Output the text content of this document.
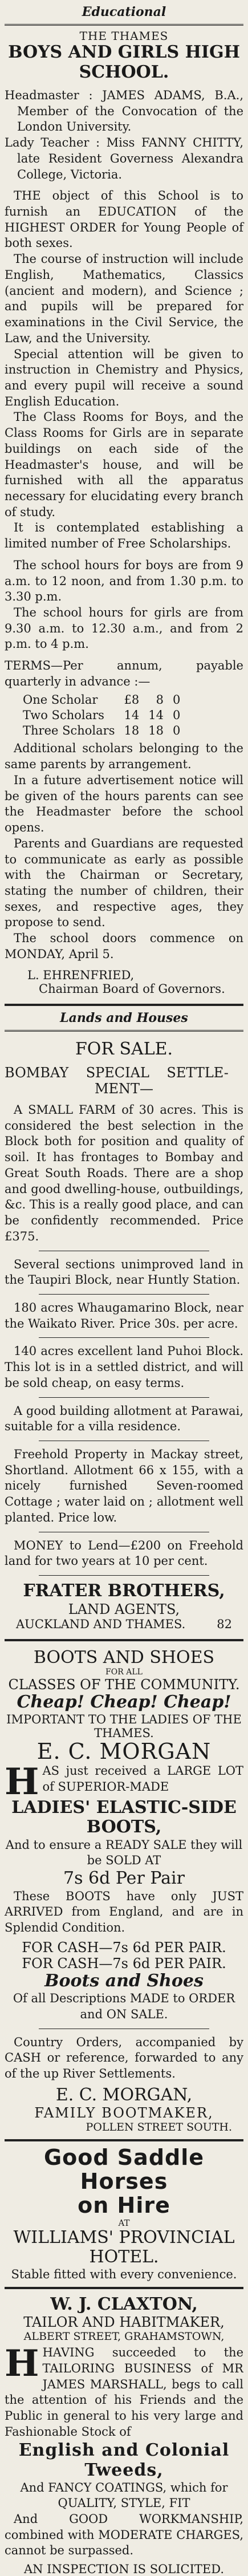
Educational
THE THAMES
BOYS AND GIRLS HIGH SCHOOL.

Headmaster : JAMES ADAMS, B.A., Member of the Convocation of the London University.

Lady Teacher : Miss FANNY CHITTY, late Resident Governess Alexandra College, Victoria.

THE object of this School is to furnish an EDUCATION of the HIGHEST ORDER for Young People of both sexes.

The course of instruction will include English, Mathematics, Classics (ancient and modern), and Science ; and pupils will be prepared for examinations in the Civil Service, the Law, and the University.

Special attention will be given to instruction in Chemistry and Physics, and every pupil will receive a sound English Education.

The Class Rooms for Boys, and the Class Rooms for Girls are in separate buildings on each side of the Headmaster's house, and will be furnished with all the apparatus necessary for elucidating every branch of study.

It is contemplated establishing a limited number of Free Scholarships.

The school hours for boys are from 9 a.m. to 12 noon, and from 1.30 p.m. to 3.30 p.m.

The school hours for girls are from 9.30 a.m. to 12.30 a.m., and from 2 p.m. to 4 p.m.

TERMS—Per annum, payable quarterly in advance :—

One Scholar	£8	8	0
Two Scholars	14	14	0
Three Scholars	18	18	0

Additional scholars belonging to the same parents by arrangement.

In a future advertisement notice will be given of the hours parents can see the Headmaster before the school opens.

Parents and Guardians are requested to communicate as early as possible with the Chairman or Secretary, stating the number of children, their sexes, and respective ages, they propose to send.

The school doors commence on MONDAY, April 5.

L. EHRENFRIED,
Chairman Board of Governors.
Lands and Houses
FOR SALE.
BOMBAY    SPECIAL    SETTLE-
MENT—

A SMALL FARM of 30 acres. This is considered the best selection in the Block both for position and quality of soil. It has frontages to Bombay and Great South Roads. There are a shop and good dwelling-house, outbuildings, &c. This is a really good place, and can be confidently recommended. Price £375.

Several sections unimproved land in the Taupiri Block, near Huntly Station.

180 acres Whaugamarino Block, near the Waikato River. Price 30s. per acre.

140 acres excellent land Puhoi Block. This lot is in a settled district, and will be sold cheap, on easy terms.

A good building allotment at Parawai, suitable for a villa residence.

Freehold Property in Mackay street, Shortland. Allotment 66 x 155, with a nicely furnished Seven-roomed Cottage ; water laid on ; allotment well planted. Price low.

MONEY to Lend—£200 on Freehold land for two years at 10 per cent.

FRATER BROTHERS,
LAND AGENTS,
AUCKLAND AND THAMES.	82
BOOTS AND SHOES
FOR ALL
CLASSES OF THE COMMUNITY.
Cheap! Cheap! Cheap!
IMPORTANT TO THE LADIES OF THE THAMES.
E. C. MORGAN
H AS just received a LARGE LOT of SUPERIOR-MADE

LADIES' ELASTIC-SIDE BOOTS,

And to ensure a READY SALE they will be SOLD AT

7s 6d Per Pair

These BOOTS have only JUST ARRIVED from England, and are in Splendid Condition.

FOR CASH—7s 6d PER PAIR.
FOR CASH—7s 6d PER PAIR.
Boots and Shoes

Of all Descriptions MADE to ORDER and ON SALE.

Country Orders, accompanied by CASH or reference, forwarded to any of the up River Settlements.

E. C. MORGAN,
FAMILY BOOTMAKER,
POLLEN STREET SOUTH.
Good Saddle Horses
on Hire
AT
WILLIAMS' PROVINCIAL HOTEL.
Stable fitted with every convenience.
W. J. CLAXTON,
TAILOR AND HABITMAKER,
ALBERT STREET, GRAHAMSTOWN,
H HAVING succeeded to the TAILORING BUSINESS of MR JAMES MARSHALL, begs to call the attention of his Friends and the Public in general to his very large and Fashionable Stock of

English and Colonial Tweeds,

And FANCY COATINGS, which for QUALITY, STYLE, FIT

And GOOD WORKMANSHIP, combined with MODERATE CHARGES, cannot be surpassed.

AN INSPECTION IS SOLICITED.
